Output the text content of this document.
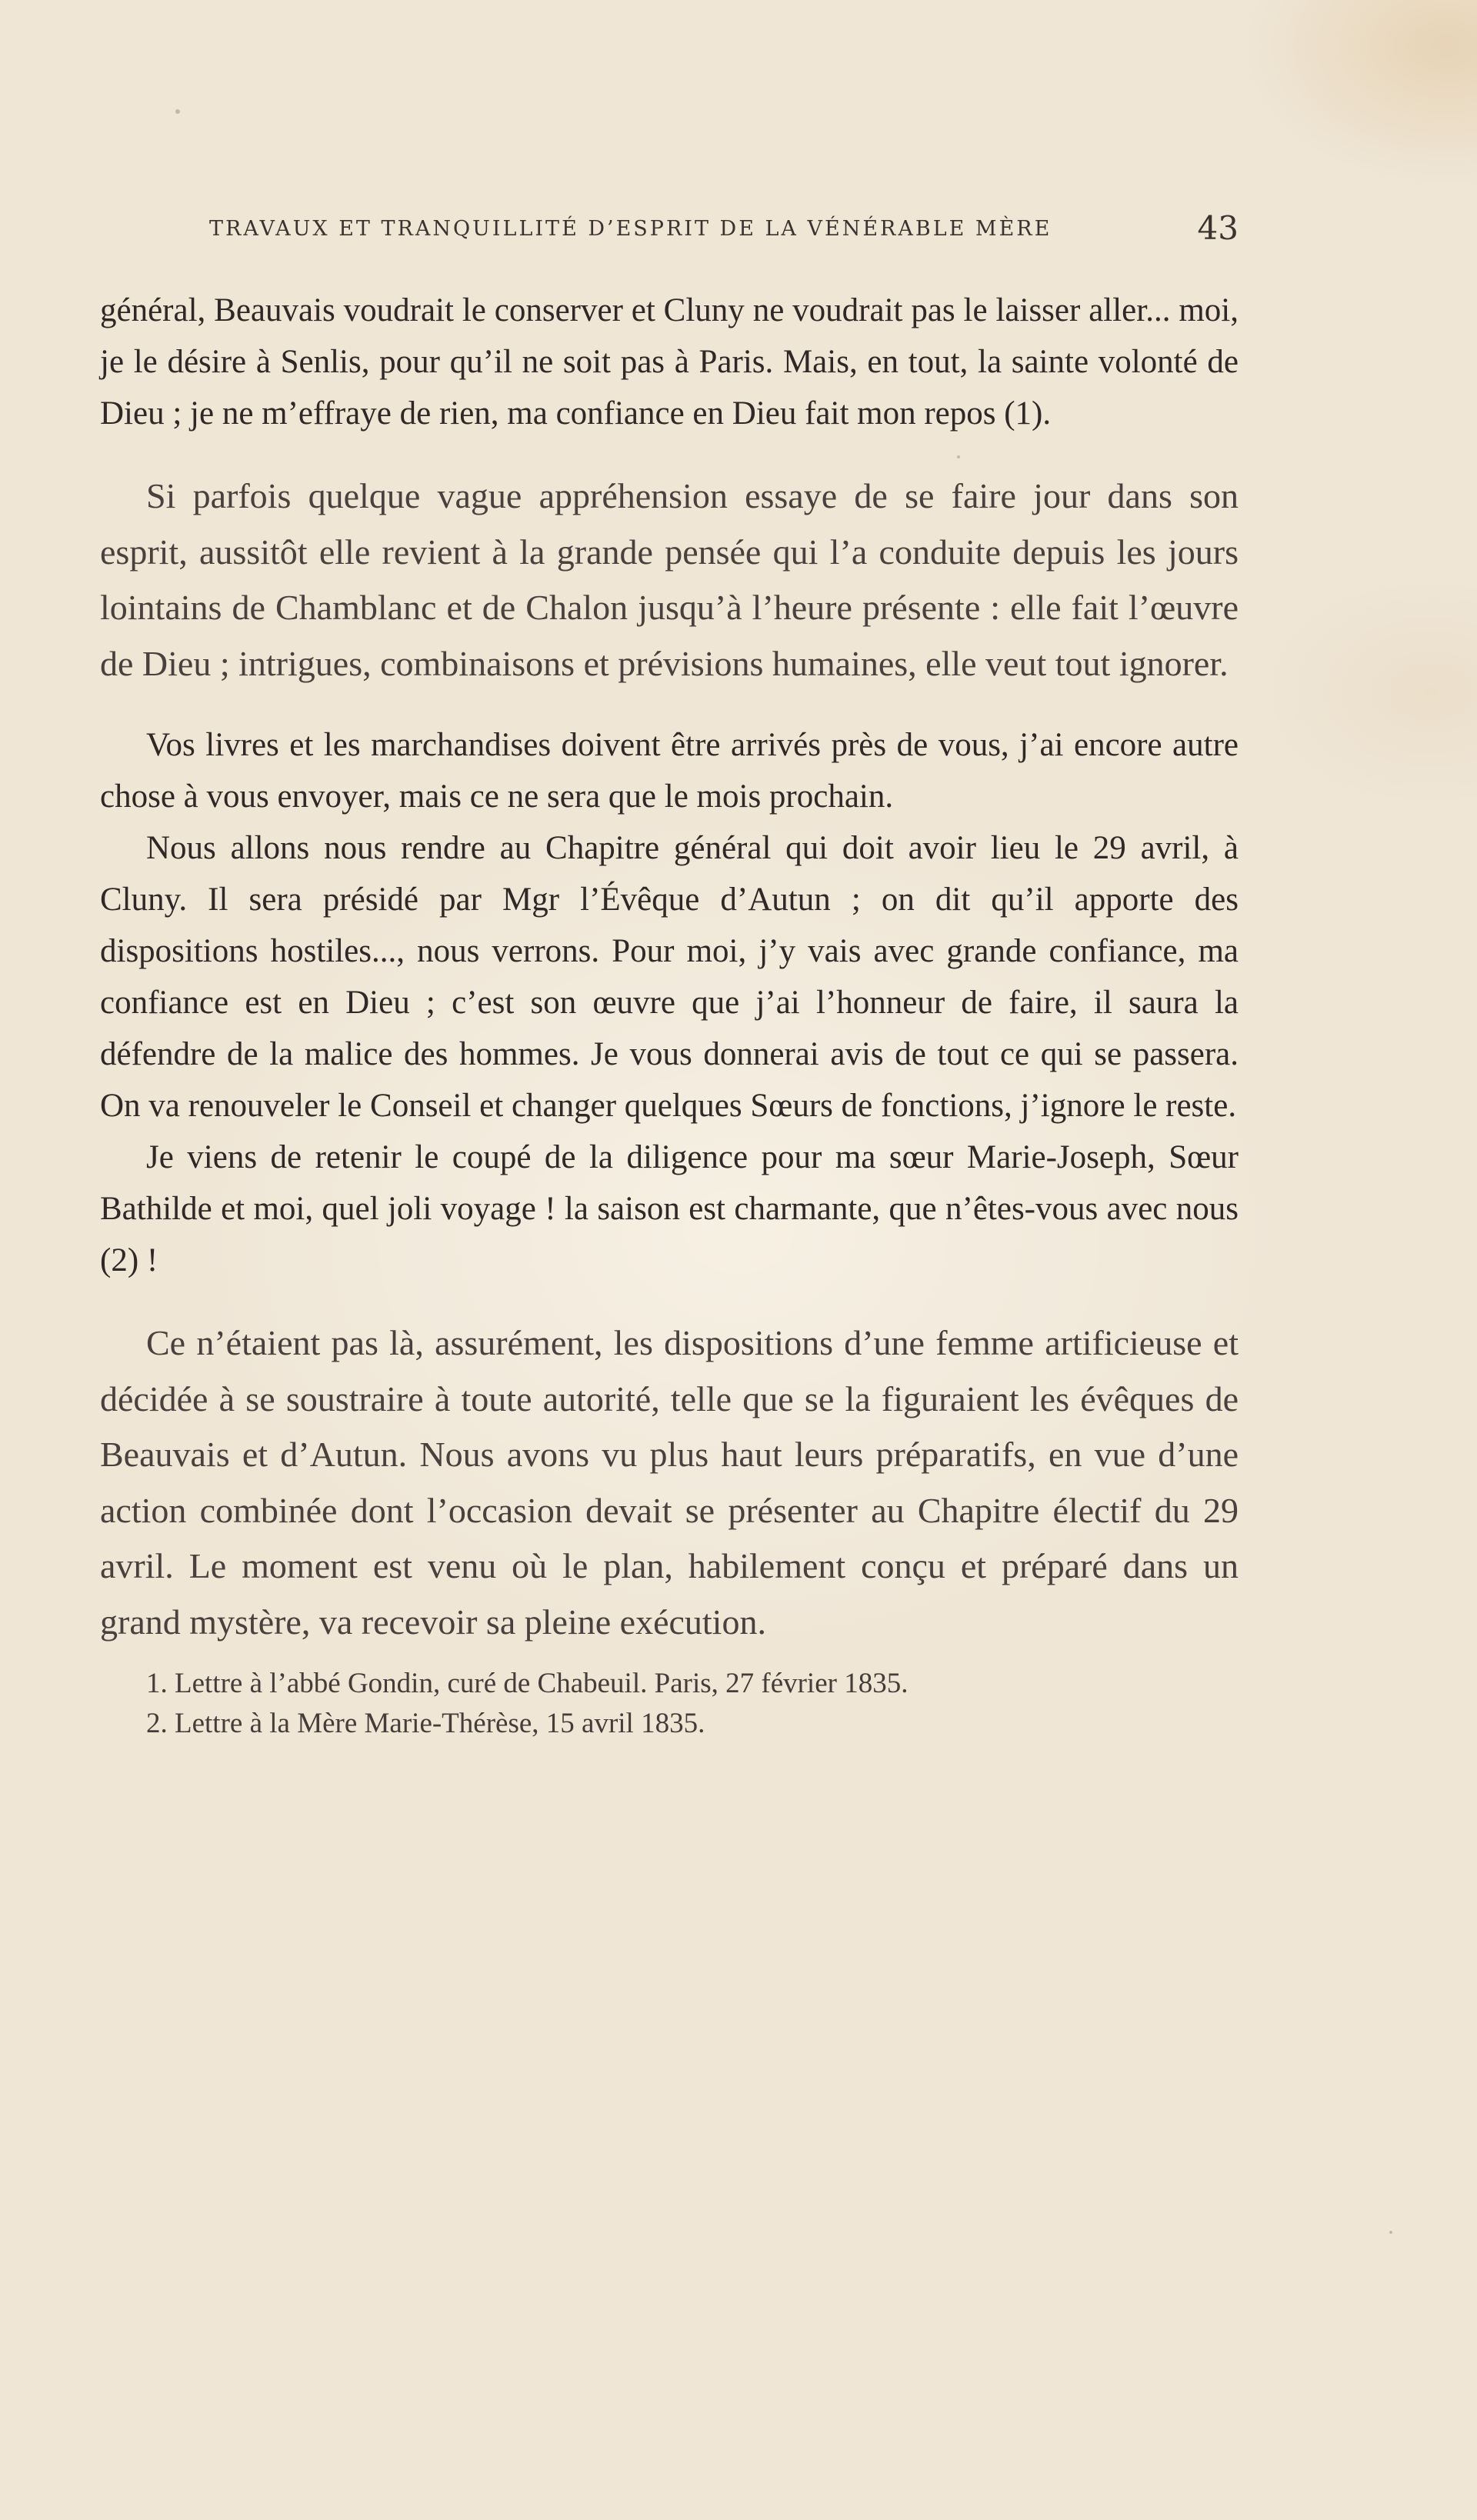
TRAVAUX ET TRANQUILLITÉ D’ESPRIT DE LA VÉNÉRABLE MÈRE	43

général, Beauvais voudrait le conserver et Cluny ne voudrait pas le laisser aller... moi, je le désire à Senlis, pour qu’il ne soit pas à Paris. Mais, en tout, la sainte volonté de Dieu ; je ne m’effraye de rien, ma confiance en Dieu fait mon repos (1).

Si parfois quelque vague appréhension essaye de se faire jour dans son esprit, aussitôt elle revient à la grande pensée qui l’a conduite depuis les jours lointains de Chamblanc et de Chalon jusqu’à l’heure présente : elle fait l’œuvre de Dieu ; intrigues, combinaisons et prévisions humaines, elle veut tout ignorer.

Vos livres et les marchandises doivent être arrivés près de vous, j’ai encore autre chose à vous envoyer, mais ce ne sera que le mois prochain.

Nous allons nous rendre au Chapitre général qui doit avoir lieu le 29 avril, à Cluny. Il sera présidé par Mgr l’Évêque d’Autun ; on dit qu’il apporte des dispositions hostiles..., nous verrons. Pour moi, j’y vais avec grande confiance, ma confiance est en Dieu ; c’est son œuvre que j’ai l’honneur de faire, il saura la défendre de la malice des hommes. Je vous donnerai avis de tout ce qui se passera. On va renouveler le Conseil et changer quelques Sœurs de fonctions, j’ignore le reste.

Je viens de retenir le coupé de la diligence pour ma sœur Marie-Joseph, Sœur Bathilde et moi, quel joli voyage ! la saison est charmante, que n’êtes-vous avec nous (2) !

Ce n’étaient pas là, assurément, les dispositions d’une femme artificieuse et décidée à se soustraire à toute autorité, telle que se la figuraient les évêques de Beauvais et d’Autun. Nous avons vu plus haut leurs préparatifs, en vue d’une action combinée dont l’occasion devait se présenter au Chapitre électif du 29 avril. Le moment est venu où le plan, habilement conçu et préparé dans un grand mystère, va recevoir sa pleine exécution.

1. Lettre à l’abbé Gondin, curé de Chabeuil. Paris, 27 février 1835.
2. Lettre à la Mère Marie-Thérèse, 15 avril 1835.
